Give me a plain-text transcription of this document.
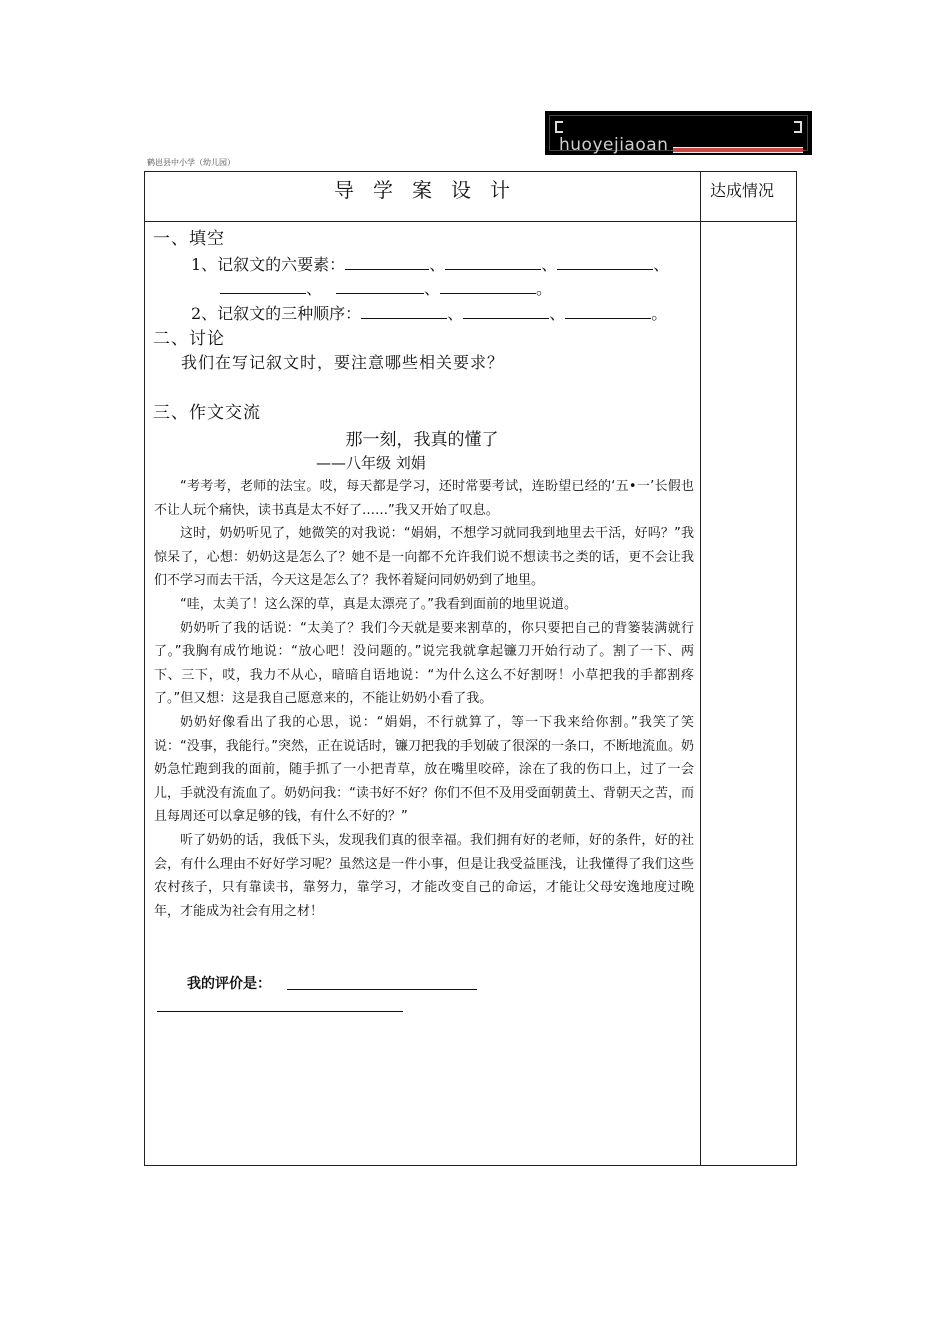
huoyejiaoan
鹤岜县中小学（幼儿园）
导学案设计	达成情况
一、填空
1、记叙文的六要素：	、	、	、
、	、	。
2、记叙文的三种顺序：	、	、	。
二、讨论
我们在写记叙文时，要注意哪些相关要求？
三、作文交流
那一刻，我真的懂了
——八年级 刘娟

“考考考，老师的法宝。哎，每天都是学习，还时常要考试，连盼望已经的‘五•一’长假也不让人玩个痛快，读书真是太不好了……”我又开始了叹息。

这时，奶奶听见了，她微笑的对我说：“娟娟，不想学习就同我到地里去干活，好吗？”我惊呆了，心想：奶奶这是怎么了？她不是一向都不允许我们说不想读书之类的话，更不会让我们不学习而去干活，今天这是怎么了？我怀着疑问同奶奶到了地里。

“哇，太美了！这么深的草，真是太漂亮了。”我看到面前的地里说道。

奶奶听了我的话说：“太美了？我们今天就是要来割草的，你只要把自己的背篓装满就行了。”我胸有成竹地说：“放心吧！没问题的。”说完我就拿起镰刀开始行动了。割了一下、两下、三下，哎，我力不从心，暗暗自语地说：“为什么这么不好割呀！小草把我的手都割疼了。”但又想：这是我自己愿意来的，不能让奶奶小看了我。

奶奶好像看出了我的心思，说：“娟娟，不行就算了，等一下我来给你割。”我笑了笑说：“没事，我能行。”突然，正在说话时，镰刀把我的手划破了很深的一条口，不断地流血。奶奶急忙跑到我的面前，随手抓了一小把青草，放在嘴里咬碎，涂在了我的伤口上，过了一会儿，手就没有流血了。奶奶问我：“读书好不好？你们不但不及用受面朝黄土、背朝天之苦，而且每周还可以拿足够的钱，有什么不好的？”

听了奶奶的话，我低下头，发现我们真的很幸福。我们拥有好的老师，好的条件，好的社会，有什么理由不好好学习呢？虽然这是一件小事，但是让我受益匪浅，让我懂得了我们这些农村孩子，只有靠读书，靠努力，靠学习，才能改变自己的命运，才能让父母安逸地度过晚年，才能成为社会有用之材！

我的评价是：
